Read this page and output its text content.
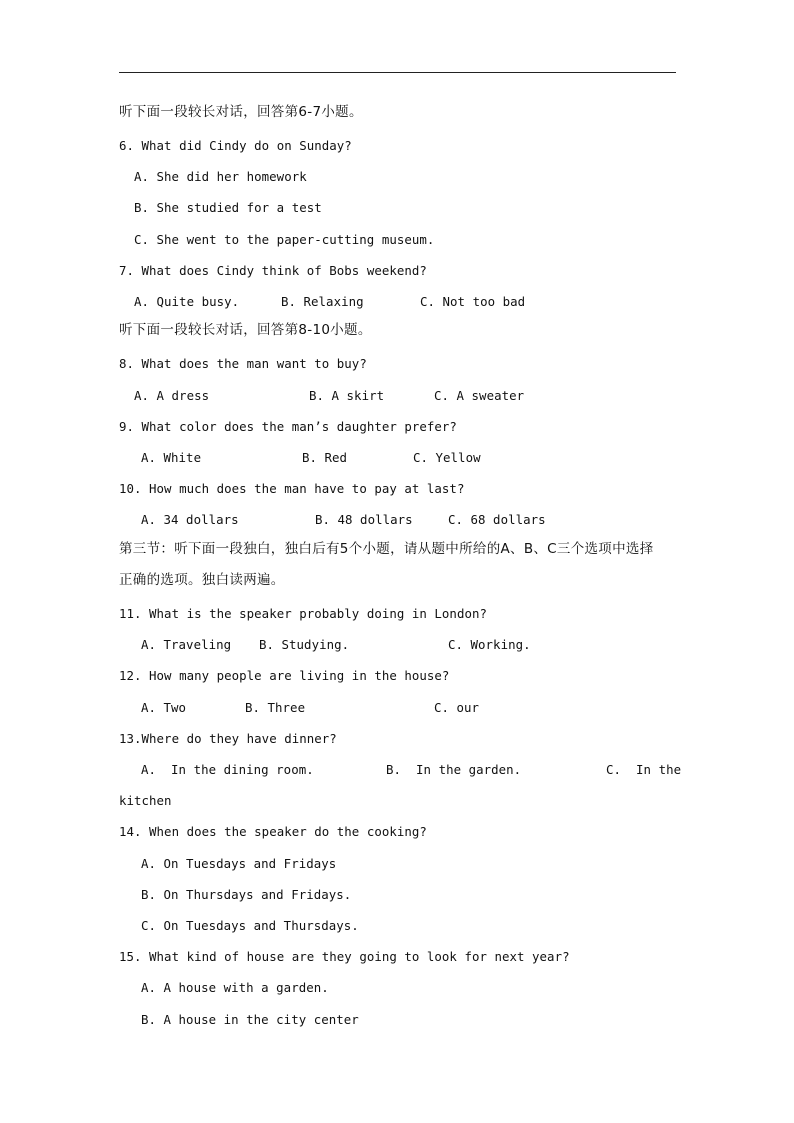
听下面一段较长对话，回答第6-7小题。
6. What did Cindy do on Sunday?
A. She did her homework
B. She studied for a test
C. She went to the paper-cutting museum.
7. What does Cindy think of Bobs weekend?
A. Quite busy.	B. Relaxing	C. Not too bad
听下面一段较长对话，回答第8-10小题。
8. What does the man want to buy?
A. A dress	B. A skirt	C. A sweater
9. What color does the man’s daughter prefer?
A. White	B. Red	C. Yellow
10. How much does the man have to pay at last?
A. 34 dollars	B. 48 dollars	C. 68 dollars
第三节：听下面一段独白，独白后有5个小题，请从题中所给的A、B、C三个选项中选择
正确的选项。独白读两遍。
11. What is the speaker probably doing in London?
A. Traveling B. Studying.	C. Working.
12. How many people are living in the house?
A. Two	B. Three	C. our
13.Where do they have dinner?
A.  In the dining room.	B.  In the garden.	C.  In the
kitchen
14. When does the speaker do the cooking?
A. On Tuesdays and Fridays
B. On Thursdays and Fridays.
C. On Tuesdays and Thursdays.
15. What kind of house are they going to look for next year?
A. A house with a garden.
B. A house in the city center
